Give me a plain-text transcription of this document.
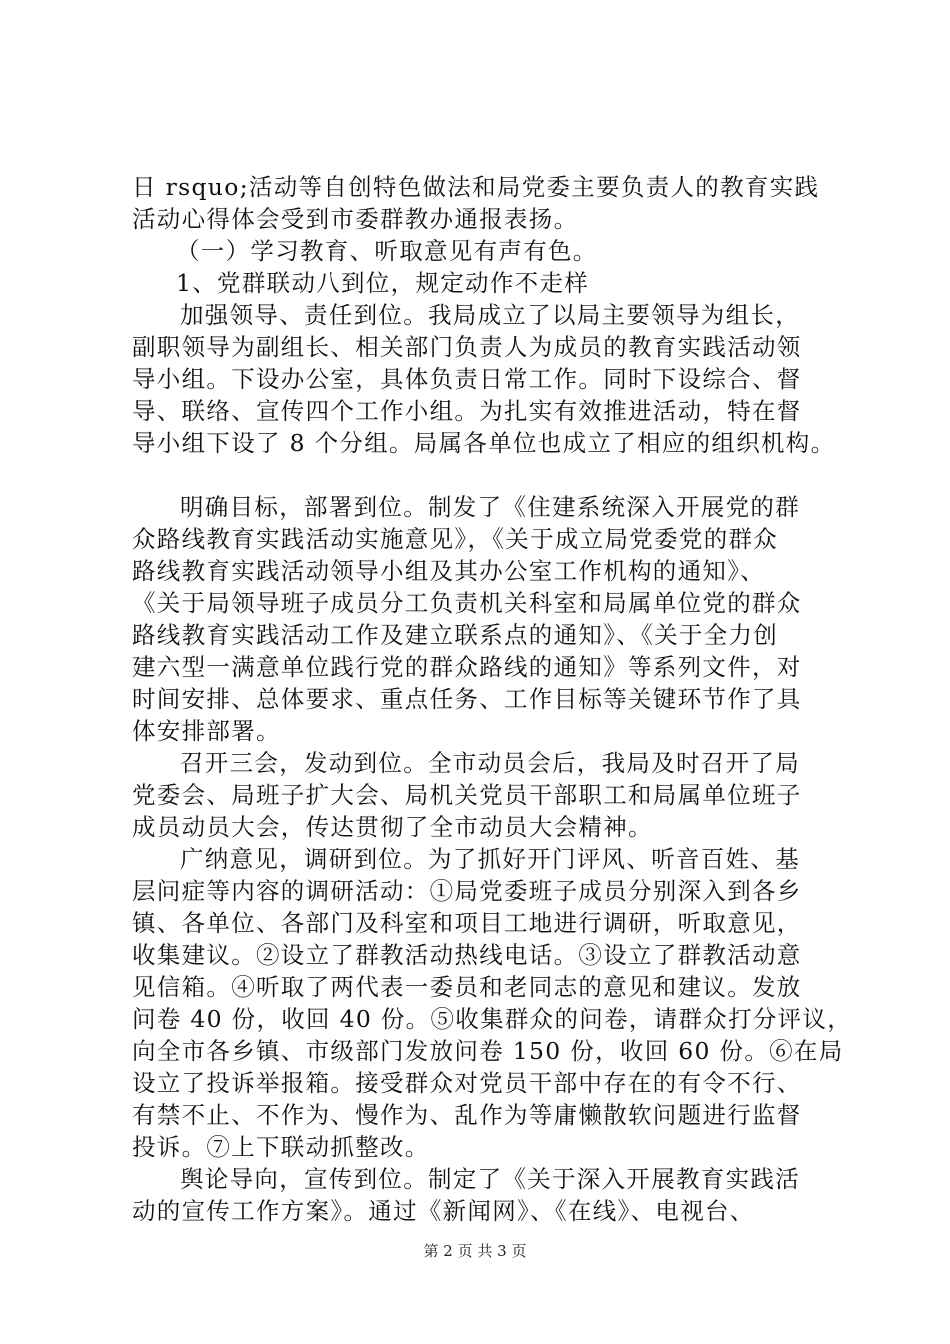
日 rsquo;活动等自创特色做法和局党委主要负责人的教育实践
活动心得体会受到市委群教办通报表扬。
（一）学习教育、听取意见有声有色。
1、党群联动八到位，规定动作不走样
加强领导、责任到位。我局成立了以局主要领导为组长，
副职领导为副组长、相关部门负责人为成员的教育实践活动领
导小组。下设办公室，具体负责日常工作。同时下设综合、督
导、联络、宣传四个工作小组。为扎实有效推进活动，特在督
导小组下设了 8 个分组。局属各单位也成立了相应的组织机构。
明确目标，部署到位。制发了《住建系统深入开展党的群
众路线教育实践活动实施意见》，《关于成立局党委党的群众
路线教育实践活动领导小组及其办公室工作机构的通知》、
《关于局领导班子成员分工负责机关科室和局属单位党的群众
路线教育实践活动工作及建立联系点的通知》、《关于全力创
建六型一满意单位践行党的群众路线的通知》等系列文件，对
时间安排、总体要求、重点任务、工作目标等关键环节作了具
体安排部署。
召开三会，发动到位。全市动员会后，我局及时召开了局
党委会、局班子扩大会、局机关党员干部职工和局属单位班子
成员动员大会，传达贯彻了全市动员大会精神。
广纳意见，调研到位。为了抓好开门评风、听音百姓、基
层问症等内容的调研活动：①局党委班子成员分别深入到各乡
镇、各单位、各部门及科室和项目工地进行调研，听取意见，
收集建议。②设立了群教活动热线电话。③设立了群教活动意
见信箱。④听取了两代表一委员和老同志的意见和建议。发放
问卷 40 份，收回 40 份。⑤收集群众的问卷，请群众打分评议，
向全市各乡镇、市级部门发放问卷 150 份，收回 60 份。⑥在局
设立了投诉举报箱。接受群众对党员干部中存在的有令不行、
有禁不止、不作为、慢作为、乱作为等庸懒散软问题进行监督
投诉。⑦上下联动抓整改。
舆论导向，宣传到位。制定了《关于深入开展教育实践活
动的宣传工作方案》。通过《新闻网》、《在线》、电视台、
第 2 页 共 3 页
